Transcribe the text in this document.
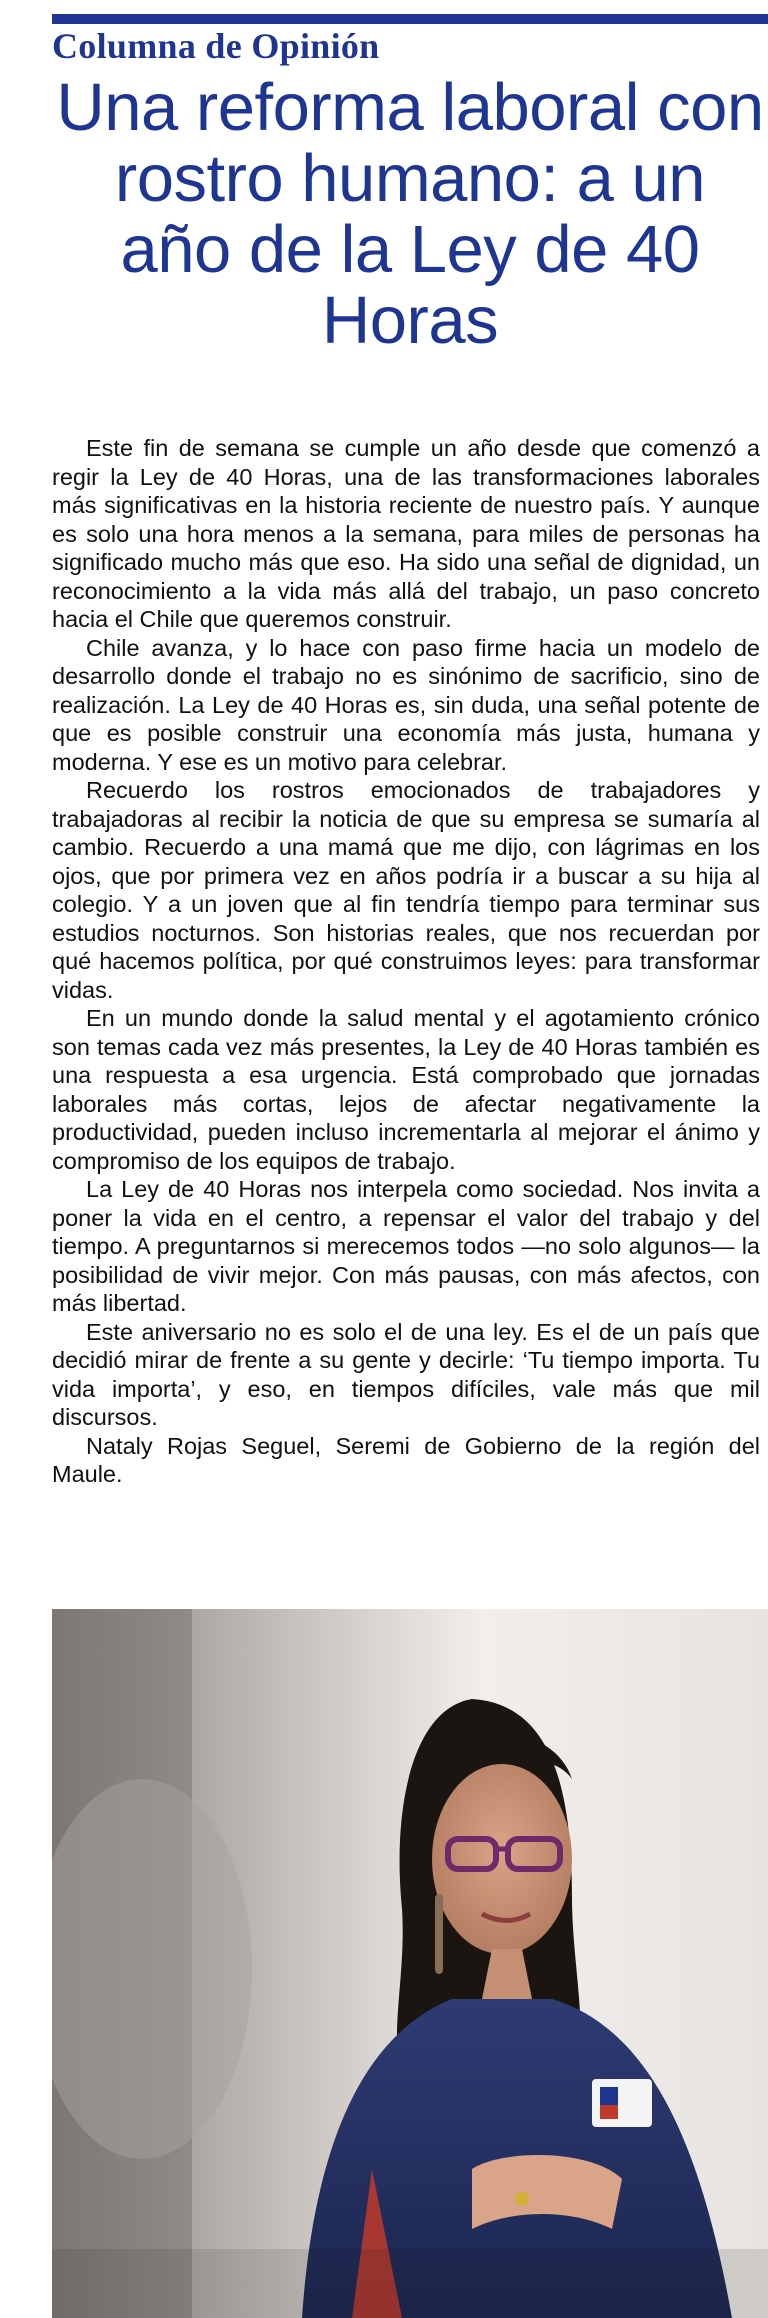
Columna de Opinión
Una reforma laboral con rostro humano: a un año de la Ley de 40 Horas

Este fin de semana se cumple un año desde que comenzó a regir la Ley de 40 Horas, una de las transformaciones laborales más significativas en la historia reciente de nuestro país. Y aunque es solo una hora menos a la semana, para miles de personas ha significado mucho más que eso. Ha sido una señal de dignidad, un reconocimiento a la vida más allá del trabajo, un paso concreto hacia el Chile que queremos construir.

Chile avanza, y lo hace con paso firme hacia un modelo de desarrollo donde el trabajo no es sinónimo de sacrificio, sino de realización. La Ley de 40 Horas es, sin duda, una señal potente de que es posible construir una economía más justa, humana y moderna. Y ese es un motivo para celebrar.

Recuerdo los rostros emocionados de trabajadores y trabajadoras al recibir la noticia de que su empresa se sumaría al cambio. Recuerdo a una mamá que me dijo, con lágrimas en los ojos, que por primera vez en años podría ir a buscar a su hija al colegio. Y a un joven que al fin tendría tiempo para terminar sus estudios nocturnos. Son historias reales, que nos recuerdan por qué hacemos política, por qué construimos leyes: para transformar vidas.

En un mundo donde la salud mental y el agotamiento crónico son temas cada vez más presentes, la Ley de 40 Horas también es una respuesta a esa urgencia. Está comprobado que jornadas laborales más cortas, lejos de afectar negativamente la productividad, pueden incluso incrementarla al mejorar el ánimo y compromiso de los equipos de trabajo.

La Ley de 40 Horas nos interpela como sociedad. Nos invita a poner la vida en el centro, a repensar el valor del trabajo y del tiempo. A preguntarnos si merecemos todos —no solo algunos— la posibilidad de vivir mejor. Con más pausas, con más afectos, con más libertad.

Este aniversario no es solo el de una ley. Es el de un país que decidió mirar de frente a su gente y decirle: ‘Tu tiempo importa. Tu vida importa’, y eso, en tiempos difíciles, vale más que mil discursos.

Nataly Rojas Seguel, Seremi de Gobierno de la región del Maule.
